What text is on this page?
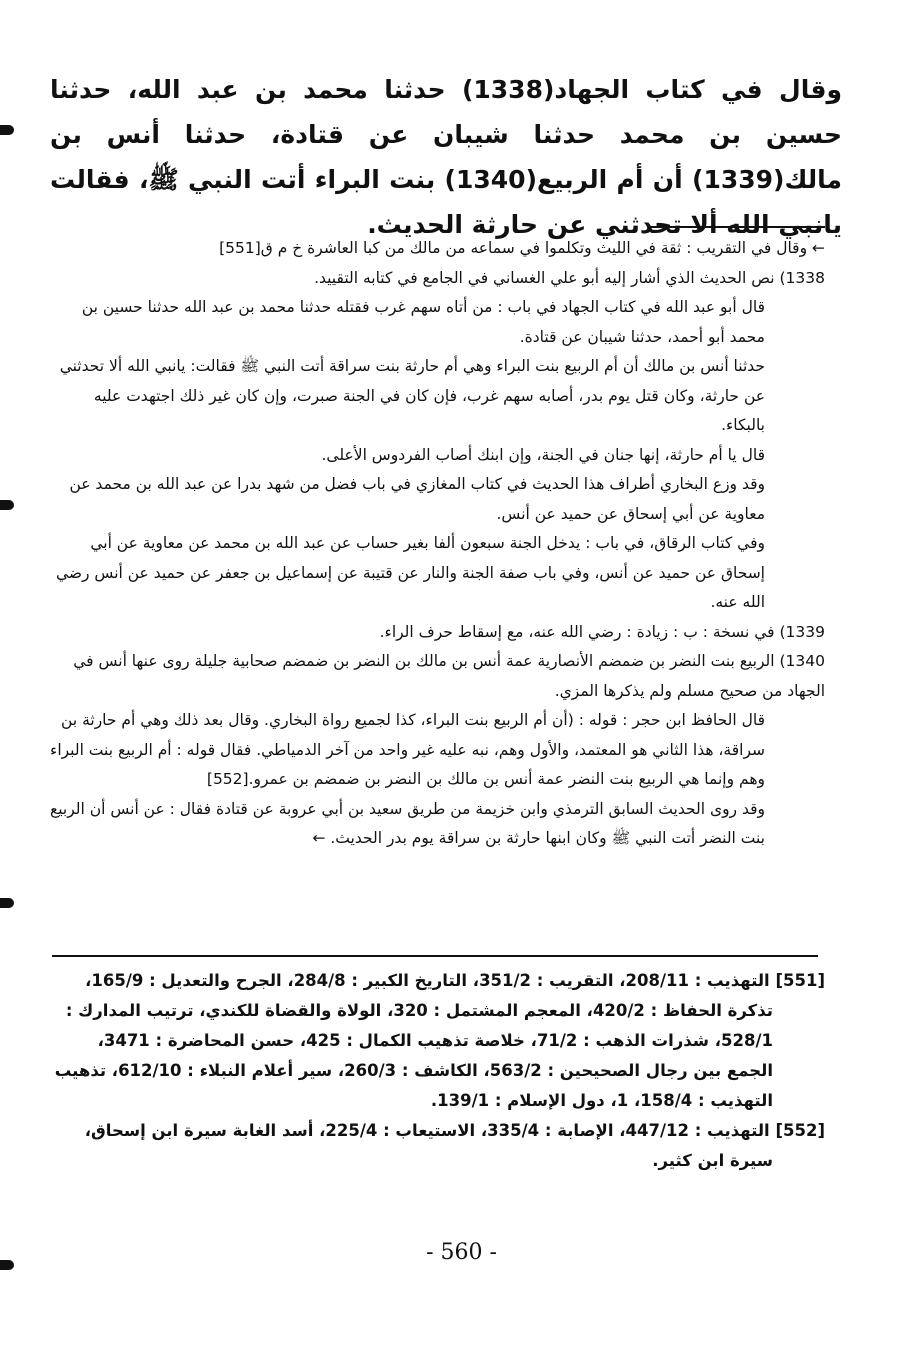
وقال في كتاب الجهاد(1338) حدثنا محمد بن عبد الله، حدثنا حسين بن محمد حدثنا شيبان عن قتادة، حدثنا أنس بن مالك(1339) أن أم الربيع(1340) بنت البراء أتت النبي ﷺ، فقالت يانبي الله ألا تحدثني عن حارثة الحديث.

← وقال في التقريب : ثقة في الليث وتكلموا في سماعه من مالك من كبا العاشرة خ م ق[551]

1338) نص الحديث الذي أشار إليه أبو علي الغساني في الجامع في كتابه التقييد.

قال أبو عبد الله في كتاب الجهاد في باب : من أتاه سهم غرب فقتله حدثنا محمد بن عبد الله حدثنا حسين بن محمد أبو أحمد، حدثنا شيبان عن قتادة.

حدثنا أنس بن مالك أن أم الربيع بنت البراء وهي أم حارثة بنت سراقة أتت النبي ﷺ فقالت: يانبي الله ألا تحدثني عن حارثة، وكان قتل يوم بدر، أصابه سهم غرب، فإن كان في الجنة صبرت، وإن كان غير ذلك اجتهدت عليه بالبكاء.

قال يا أم حارثة، إنها جنان في الجنة، وإن ابنك أصاب الفردوس الأعلى.

وقد وزع البخاري أطراف هذا الحديث في كتاب المغازي في باب فضل من شهد بدرا عن عبد الله بن محمد عن معاوية عن أبي إسحاق عن حميد عن أنس.

وفي كتاب الرقاق، في باب : يدخل الجنة سبعون ألفا بغير حساب عن عبد الله بن محمد عن معاوية عن أبي إسحاق عن حميد عن أنس، وفي باب صفة الجنة والنار عن قتيبة عن إسماعيل بن جعفر عن حميد عن أنس رضي الله عنه.

1339) في نسخة : ب : زيادة : رضي الله عنه، مع إسقاط حرف الراء.

1340) الربيع بنت النضر بن ضمضم الأنصارية عمة أنس بن مالك بن النضر بن ضمضم صحابية جليلة روى عنها أنس في الجهاد من صحيح مسلم ولم يذكرها المزي.

قال الحافظ ابن حجر : قوله : (أن أم الربيع بنت البراء، كذا لجميع رواة البخاري. وقال بعد ذلك وهي أم حارثة بن سراقة، هذا الثاني هو المعتمد، والأول وهم، نبه عليه غير واحد من آخر الدمياطي. فقال قوله : أم الربيع بنت البراء وهم وإنما هي الربيع بنت النضر عمة أنس بن مالك بن النضر بن ضمضم بن عمرو.[552]

وقد روى الحديث السابق الترمذي وابن خزيمة من طريق سعيد بن أبي عروبة عن قتادة فقال : عن أنس أن الربيع بنت النضر أتت النبي ﷺ وكان ابنها حارثة بن سراقة يوم بدر الحديث. ←

[551] التهذيب : 208/11، التقريب : 351/2، التاريخ الكبير : 284/8، الجرح والتعديل : 165/9، تذكرة الحفاظ : 420/2، المعجم المشتمل : 320، الولاة والقضاة للكندي، ترتيب المدارك : 528/1، شذرات الذهب : 71/2، خلاصة تذهيب الكمال : 425، حسن المحاضرة : 3471، الجمع بين رجال الصحيحين : 563/2، الكاشف : 260/3، سير أعلام النبلاء : 612/10، تذهيب التهذيب : 158/4، 1، دول الإسلام : 139/1.

[552] التهذيب : 447/12، الإصابة : 335/4، الاستيعاب : 225/4، أسد الغابة سيرة ابن إسحاق، سيرة ابن كثير.

- 560 -
